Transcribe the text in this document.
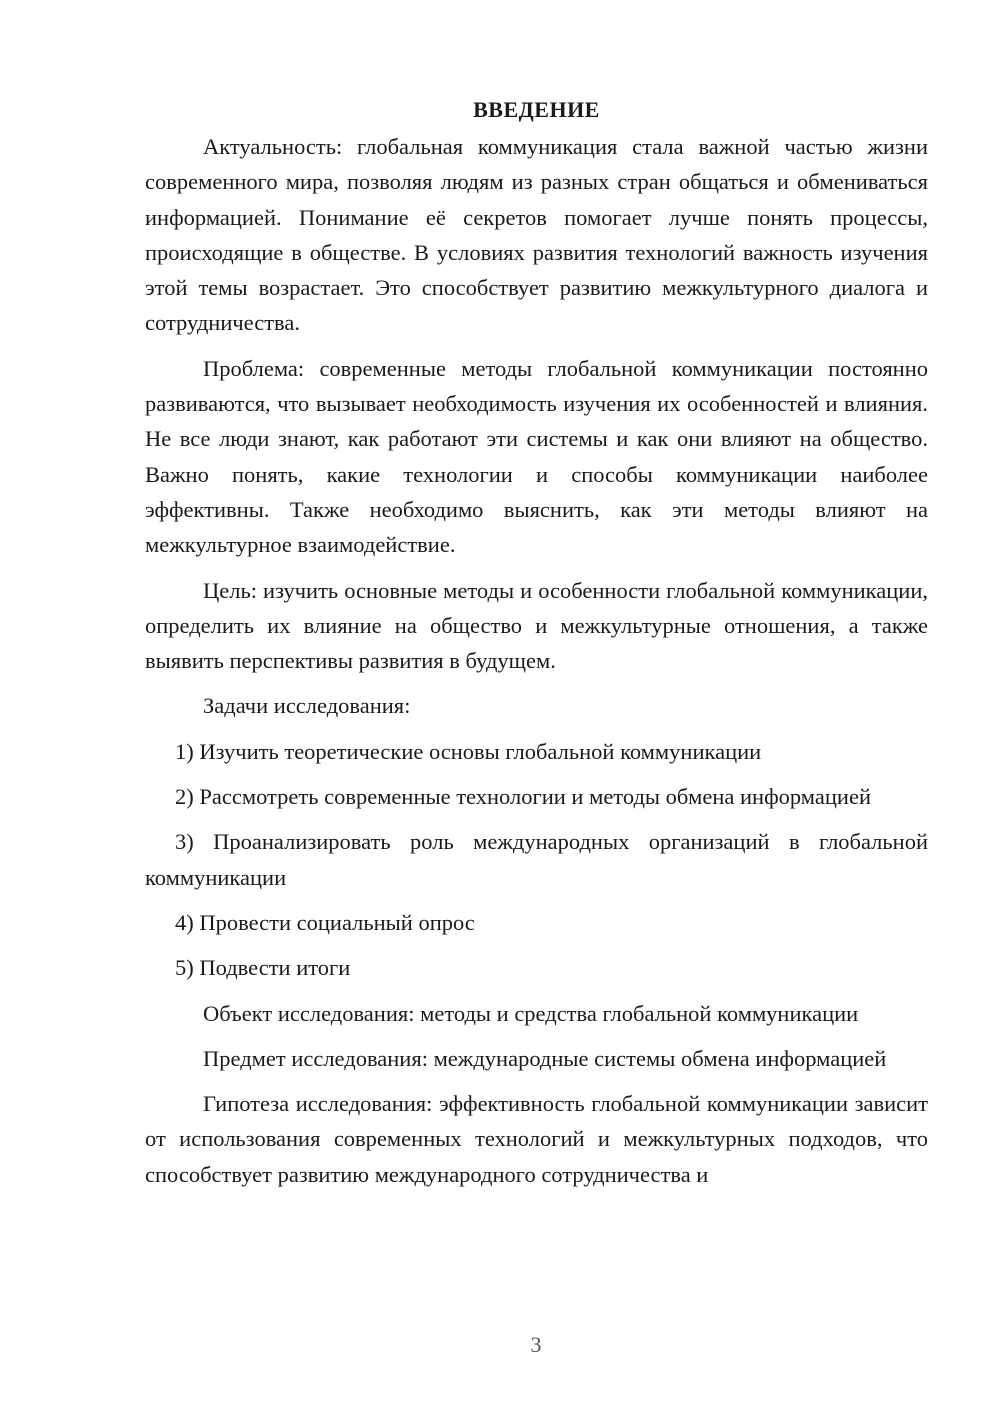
ВВЕДЕНИЕ

Актуальность: глобальная коммуникация стала важной частью жизни современного мира, позволяя людям из разных стран общаться и обмениваться информацией. Понимание её секретов помогает лучше понять процессы, происходящие в обществе. В условиях развития технологий важность изучения этой темы возрастает. Это способствует развитию межкультурного диалога и сотрудничества.

Проблема: современные методы глобальной коммуникации постоянно развиваются, что вызывает необходимость изучения их особенностей и влияния. Не все люди знают, как работают эти системы и как они влияют на общество. Важно понять, какие технологии и способы коммуникации наиболее эффективны. Также необходимо выяснить, как эти методы влияют на межкультурное взаимодействие.

Цель: изучить основные методы и особенности глобальной коммуникации, определить их влияние на общество и межкультурные отношения, а также выявить перспективы развития в будущем.

Задачи исследования:

1) Изучить теоретические основы глобальной коммуникации

2) Рассмотреть современные технологии и методы обмена информацией

3) Проанализировать роль международных организаций в глобальной коммуникации

4) Провести социальный опрос

5) Подвести итоги

Объект исследования: методы и средства глобальной коммуникации

Предмет исследования: международные системы обмена информацией

Гипотеза исследования: эффективность глобальной коммуникации зависит от использования современных технологий и межкультурных подходов, что способствует развитию международного сотрудничества и

3
